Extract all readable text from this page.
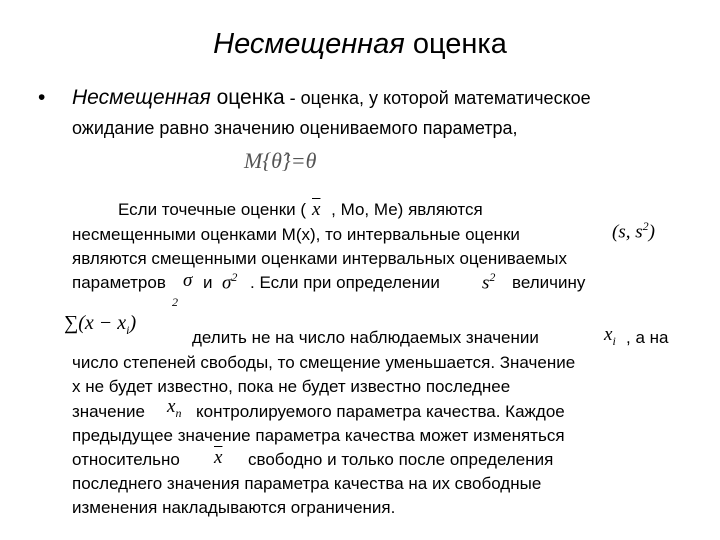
Несмещенная оценка
• Несмещенная оценка - оценка, у которой математическое
ожидание равно значению оцениваемого параметра,
M{θ̂}=θ
Если точечные оценки ( $\overline{x}$ , Мо, Ме) являются
несмещенными оценками M(x), то интервальные оценки	(s, $s^2$)
являются смещенными оценками интервальных оцениваемых
параметров σ и $\sigma^2$ . Если при определении $s^2$ величину
2
$\sum(x - x_i)$
делить не на число наблюдаемых значении	$x_i$ , а на
число степеней свободы, то смещение уменьшается. Значение
x не будет известно, пока не будет известно последнее
значение $x_n$ контролируемого параметра качества. Каждое
предыдущее значение параметра качества может изменяться
относительно $\overline{x}$ свободно и только после определения
последнего значения параметра качества на их свободные
изменения накладываются ограничения.
